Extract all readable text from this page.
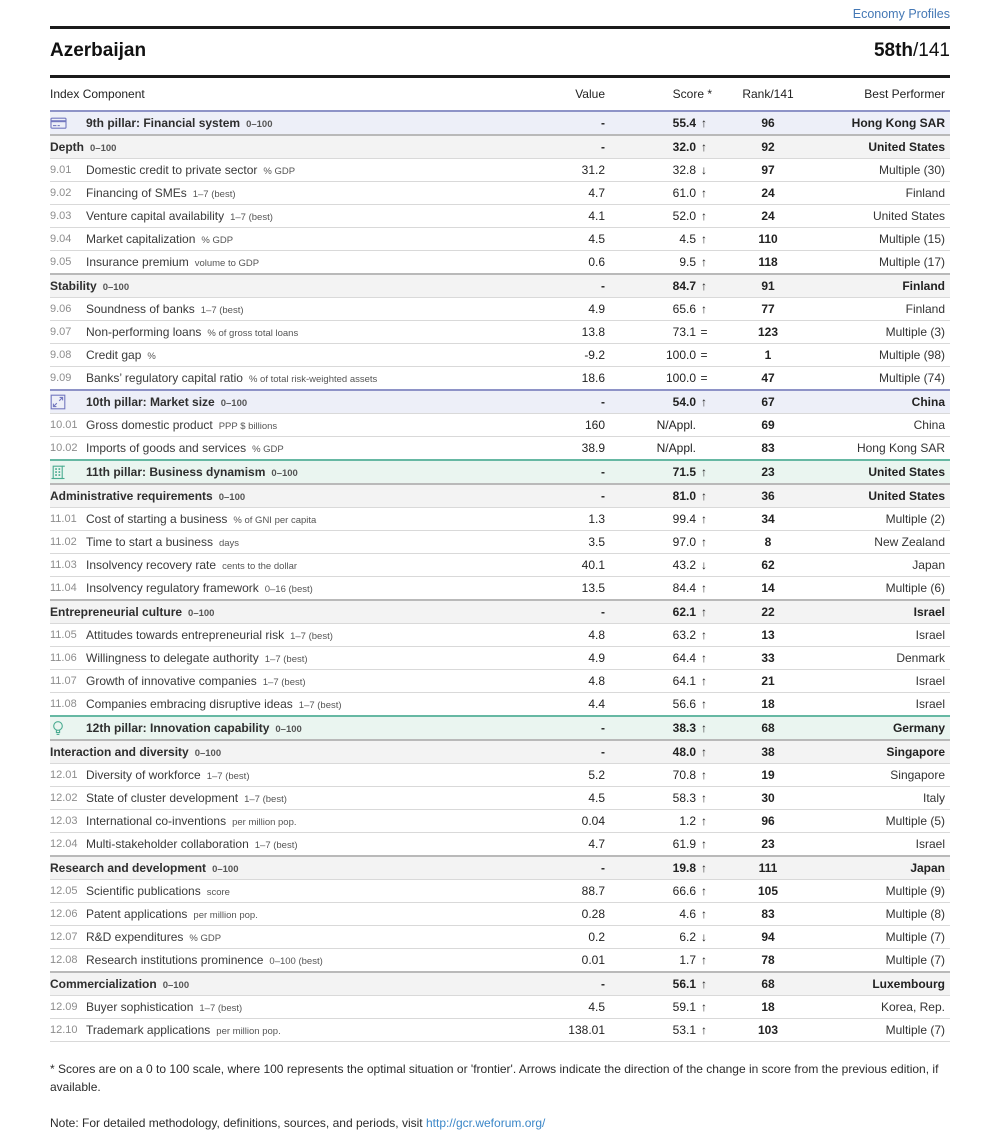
Economy Profiles
Azerbaijan	58th/141
Index Component	Value	Score *	Rank/141	Best Performer
9th pillar: Financial system 0–100	-	55.4 ↑	96	Hong Kong SAR
Depth 0–100	-	32.0 ↑	92	United States
9.01 Domestic credit to private sector % GDP	31.2	32.8 ↓	97	Multiple (30)
9.02 Financing of SMEs 1–7 (best)	4.7	61.0 ↑	24	Finland
9.03 Venture capital availability 1–7 (best)	4.1	52.0 ↑	24	United States
9.04 Market capitalization % GDP	4.5	4.5 ↑	110	Multiple (15)
9.05 Insurance premium volume to GDP	0.6	9.5 ↑	118	Multiple (17)
Stability 0–100	-	84.7 ↑	91	Finland
9.06 Soundness of banks 1–7 (best)	4.9	65.6 ↑	77	Finland
9.07 Non-performing loans % of gross total loans	13.8	73.1 =	123	Multiple (3)
9.08 Credit gap %	-9.2	100.0 =	1	Multiple (98)
9.09 Banks’ regulatory capital ratio % of total risk-weighted assets	18.6	100.0 =	47	Multiple (74)
10th pillar: Market size 0–100	-	54.0 ↑	67	China
10.01 Gross domestic product PPP $ billions	160	N/Appl.	69	China
10.02 Imports of goods and services % GDP	38.9	N/Appl.	83	Hong Kong SAR
11th pillar: Business dynamism 0–100	-	71.5 ↑	23	United States
Administrative requirements 0–100	-	81.0 ↑	36	United States
11.01 Cost of starting a business % of GNI per capita	1.3	99.4 ↑	34	Multiple (2)
11.02 Time to start a business days	3.5	97.0 ↑	8	New Zealand
11.03 Insolvency recovery rate cents to the dollar	40.1	43.2 ↓	62	Japan
11.04 Insolvency regulatory framework 0–16 (best)	13.5	84.4 ↑	14	Multiple (6)
Entrepreneurial culture 0–100	-	62.1 ↑	22	Israel
11.05 Attitudes towards entrepreneurial risk 1–7 (best)	4.8	63.2 ↑	13	Israel
11.06 Willingness to delegate authority 1–7 (best)	4.9	64.4 ↑	33	Denmark
11.07 Growth of innovative companies 1–7 (best)	4.8	64.1 ↑	21	Israel
11.08 Companies embracing disruptive ideas 1–7 (best)	4.4	56.6 ↑	18	Israel
12th pillar: Innovation capability 0–100	-	38.3 ↑	68	Germany
Interaction and diversity 0–100	-	48.0 ↑	38	Singapore
12.01 Diversity of workforce 1–7 (best)	5.2	70.8 ↑	19	Singapore
12.02 State of cluster development 1–7 (best)	4.5	58.3 ↑	30	Italy
12.03 International co-inventions per million pop.	0.04	1.2 ↑	96	Multiple (5)
12.04 Multi-stakeholder collaboration 1–7 (best)	4.7	61.9 ↑	23	Israel
Research and development 0–100	-	19.8 ↑	111	Japan
12.05 Scientific publications score	88.7	66.6 ↑	105	Multiple (9)
12.06 Patent applications per million pop.	0.28	4.6 ↑	83	Multiple (8)
12.07 R&D expenditures % GDP	0.2	6.2 ↓	94	Multiple (7)
12.08 Research institutions prominence 0–100 (best)	0.01	1.7 ↑	78	Multiple (7)
Commercialization 0–100	-	56.1 ↑	68	Luxembourg
12.09 Buyer sophistication 1–7 (best)	4.5	59.1 ↑	18	Korea, Rep.
12.10 Trademark applications per million pop.	138.01	53.1 ↑	103	Multiple (7)
* Scores are on a 0 to 100 scale, where 100 represents the optimal situation or 'frontier'. Arrows indicate the direction of the change in score from the previous edition, if available.
Note: For detailed methodology, definitions, sources, and periods, visit http://gcr.weforum.org/
